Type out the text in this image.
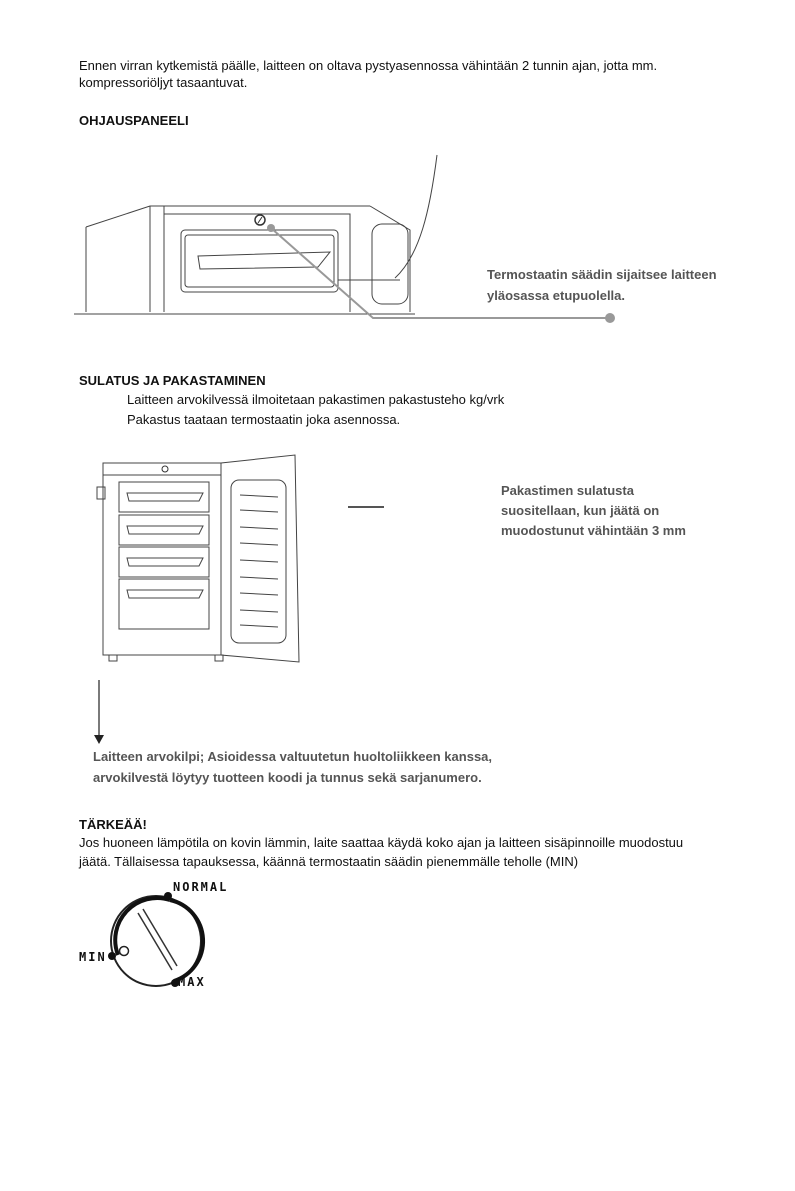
Ennen virran kytkemistä päälle, laitteen on oltava pystyasennossa vähintään 2 tunnin ajan, jotta mm.
kompressoriöljyt tasaantuvat.
OHJAUSPANEELI
Termostaatin säädin sijaitsee laitteen
yläosassa etupuolella.
SULATUS JA PAKASTAMINEN
Laitteen arvokilvessä ilmoitetaan pakastimen pakastusteho kg/vrk
Pakastus taataan termostaatin joka asennossa.
Pakastimen sulatusta
suositellaan, kun jäätä on
muodostunut vähintään 3 mm
Laitteen arvokilpi; Asioidessa valtuutetun huoltoliikkeen kanssa,
arvokilvestä löytyy tuotteen koodi ja tunnus sekä sarjanumero.
TÄRKEÄÄ!
Jos huoneen lämpötila on kovin lämmin, laite saattaa käydä koko ajan ja laitteen sisäpinnoille muodostuu
jäätä. Tällaisessa tapauksessa, käännä termostaatin säädin pienemmälle teholle (MIN)
NORMAL
MIN
MAX
